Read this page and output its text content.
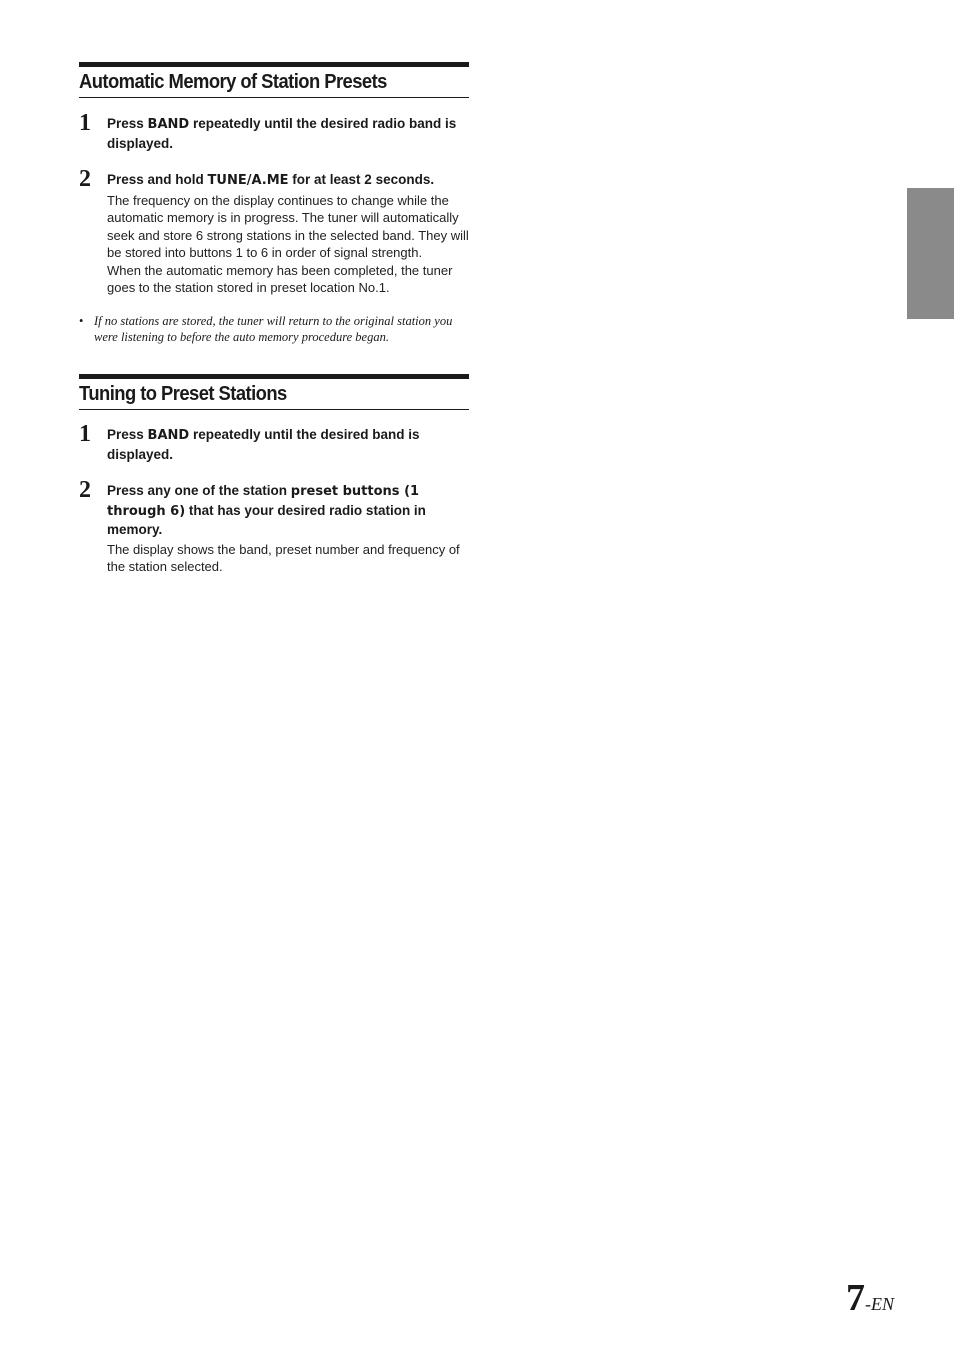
Automatic Memory of Station Presets
1 Press BAND repeatedly until the desired radio band is displayed.
2 Press and hold TUNE/A.ME for at least 2 seconds.
The frequency on the display continues to change while the automatic memory is in progress. The tuner will automatically seek and store 6 strong stations in the selected band. They will be stored into buttons 1 to 6 in order of signal strength.
When the automatic memory has been completed, the tuner goes to the station stored in preset location No.1.
• If no stations are stored, the tuner will return to the original station you were listening to before the auto memory procedure began.
Tuning to Preset Stations
1 Press BAND repeatedly until the desired band is displayed.
2 Press any one of the station preset buttons (1 through 6) that has your desired radio station in memory.
The display shows the band, preset number and frequency of the station selected.
7-EN
